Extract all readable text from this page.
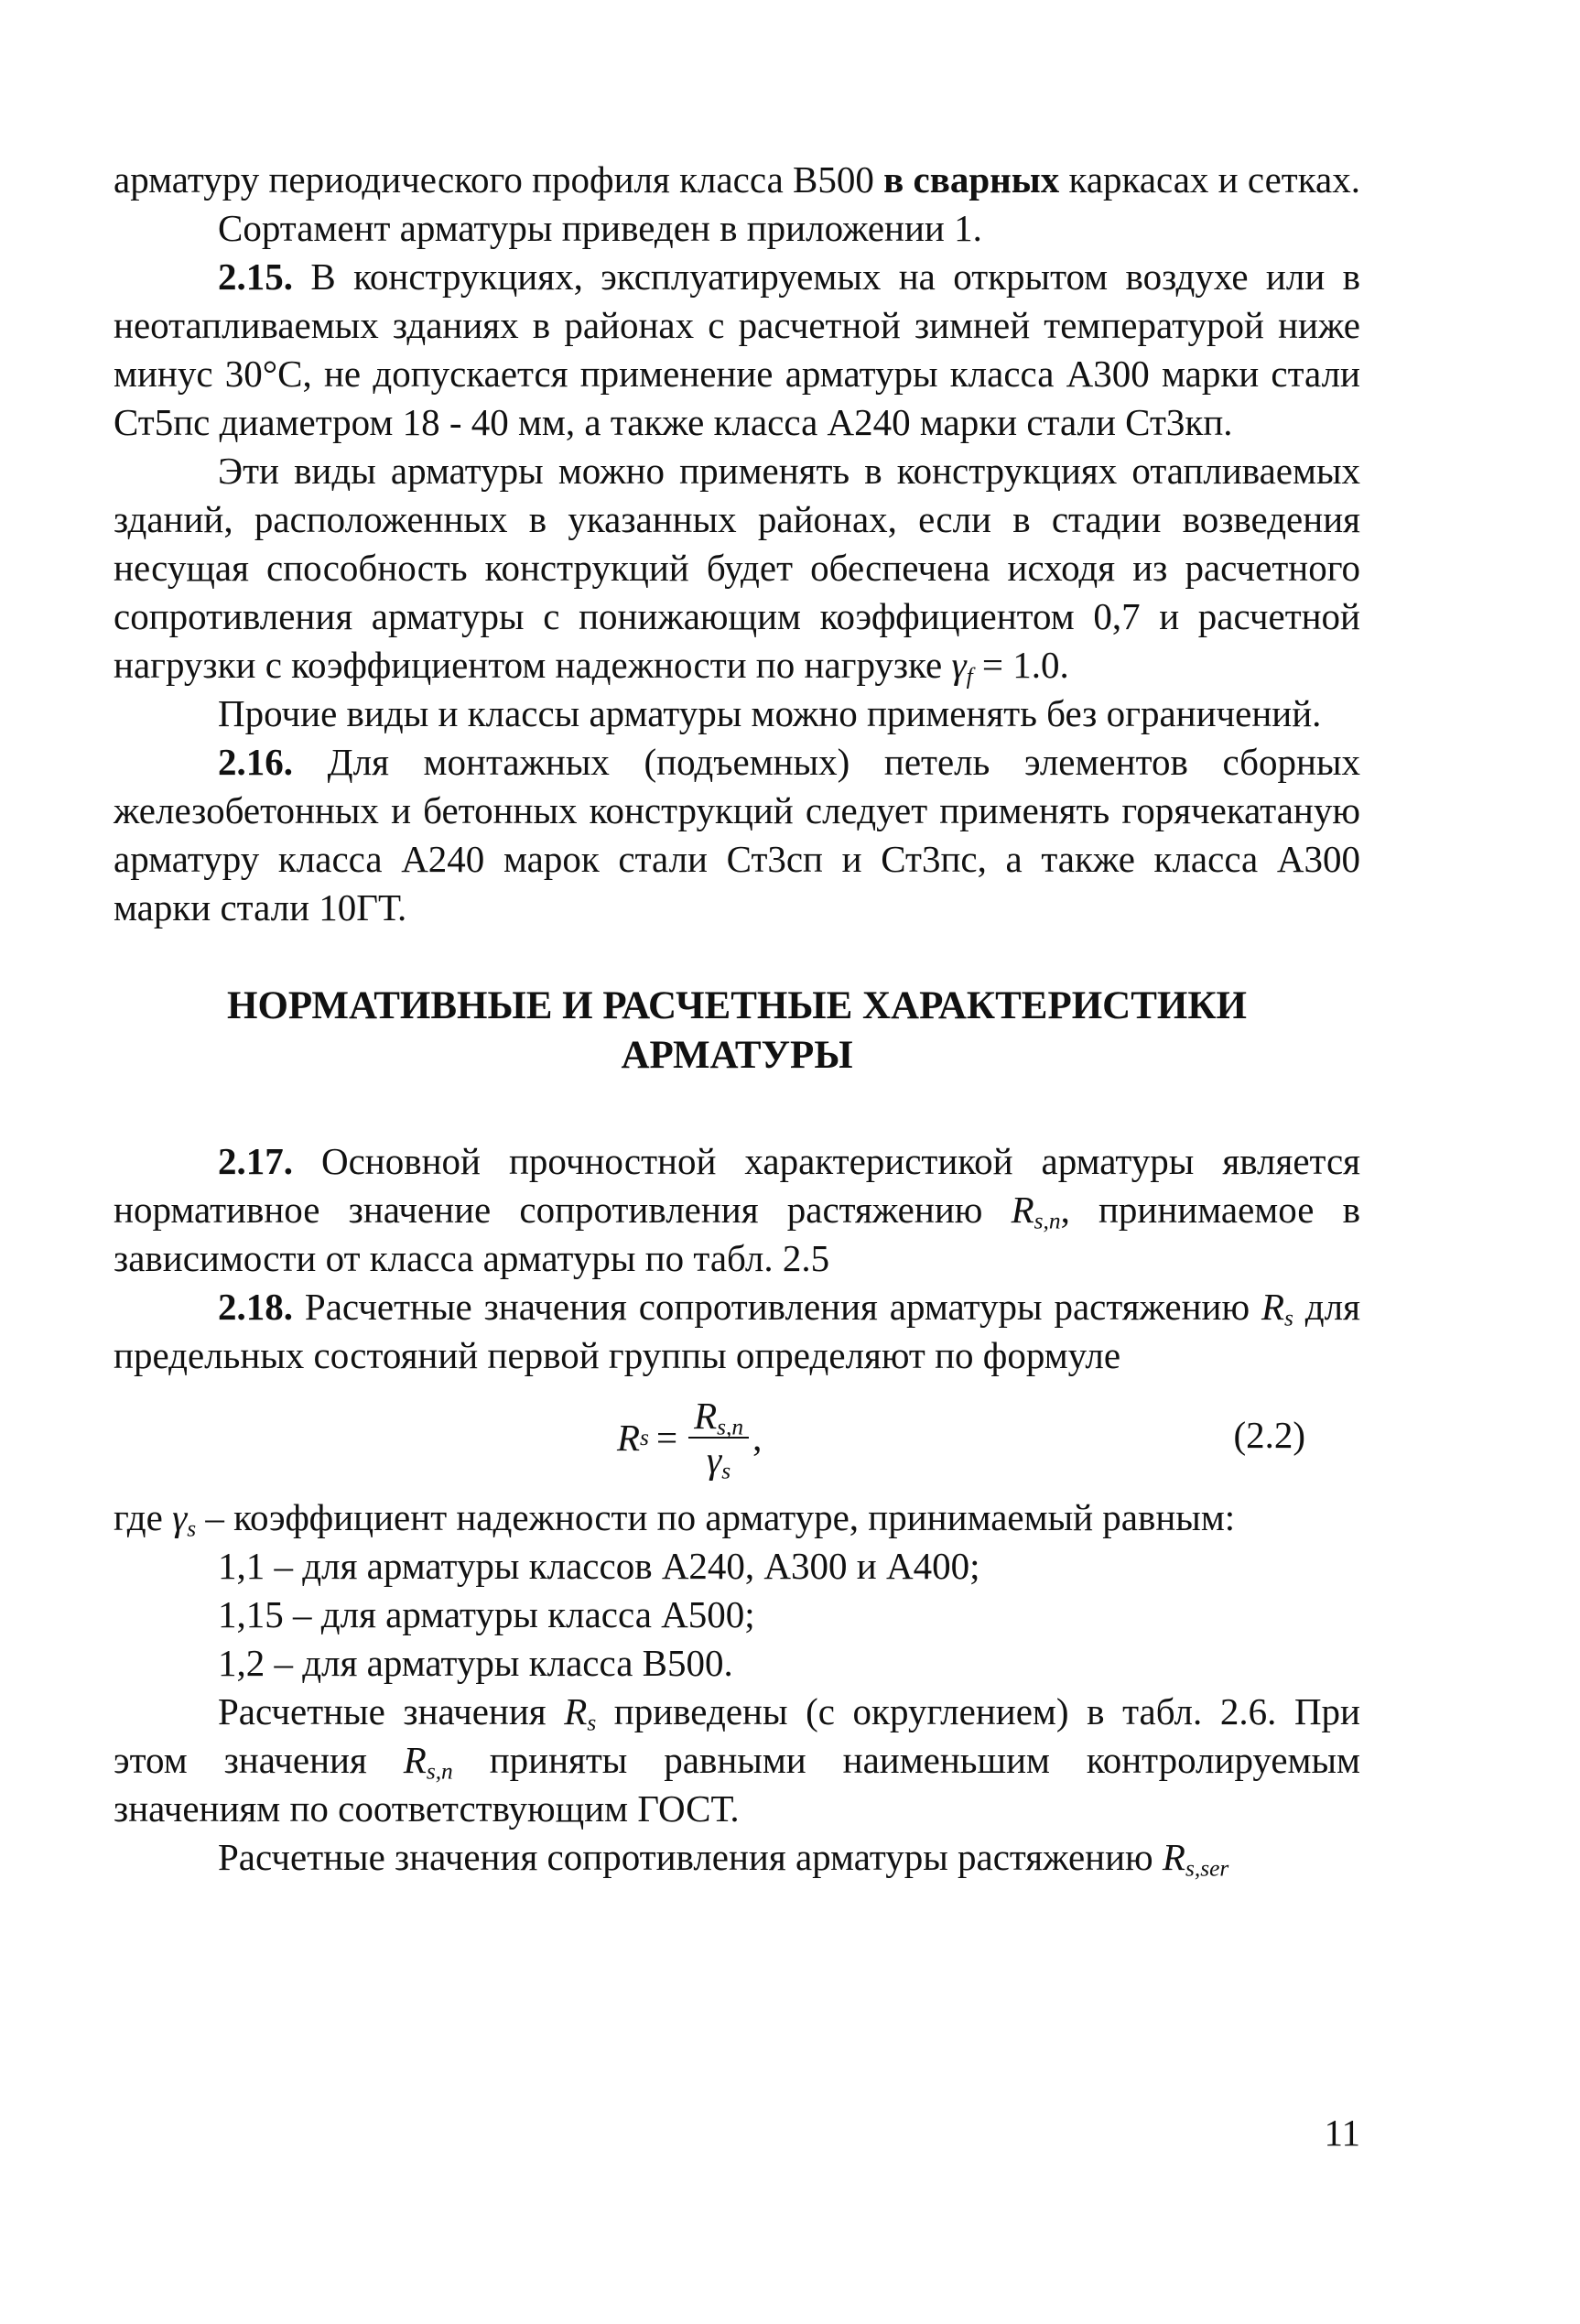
арматуру периодического профиля класса В500 в сварных каркасах и сетках.

Сортамент арматуры приведен в приложении 1.

2.15. В конструкциях, эксплуатируемых на открытом воздухе или в неотапливаемых зданиях в районах с расчетной зимней температурой ниже минус 30°С, не допускается применение арматуры класса А300 марки стали Ст5пс диаметром 18 - 40 мм, а также класса А240 марки стали Ст3кп.

Эти виды арматуры можно применять в конструкциях отапливаемых зданий, расположенных в указанных районах, если в стадии возведения несущая способность конструкций будет обеспечена исходя из расчетного сопротивления арматуры с понижающим коэффициентом 0,7 и расчетной нагрузки с коэффициентом надежности по нагрузке $\gamma_f = 1.0$.

Прочие виды и классы арматуры можно применять без ограничений.

2.16. Для монтажных (подъемных) петель элементов сборных железобетонных и бетонных конструкций следует применять горячекатаную арматуру класса А240 марок стали Ст3сп и Ст3пс, а также класса А300 марки стали 10ГТ.

НОРМАТИВНЫЕ И РАСЧЕТНЫЕ ХАРАКТЕРИСТИКИ
АРМАТУРЫ

2.17. Основной прочностной характеристикой арматуры является нормативное значение сопротивления растяжению $R_{s,n}$, принимаемое в зависимости от класса арматуры по табл. 2.5

2.18. Расчетные значения сопротивления арматуры растяжению $R_s$ для предельных состояний первой группы определяют по формуле

R $s = \frac{R_{s,n}}{\gamma_s}$ ,	(2.2)

где $\gamma_s$ – коэффициент надежности по арматуре, принимаемый равным:

1,1 – для арматуры классов А240, А300 и А400;

1,15 – для арматуры класса А500;

1,2 – для арматуры класса В500.

Расчетные значения $R_s$ приведены (с округлением) в табл. 2.6. При этом значения $R_{s,n}$ приняты равными наименьшим контролируемым значениям по соответствующим ГОСТ.

Расчетные значения сопротивления арматуры растяжению $R_{s,ser}$

11
